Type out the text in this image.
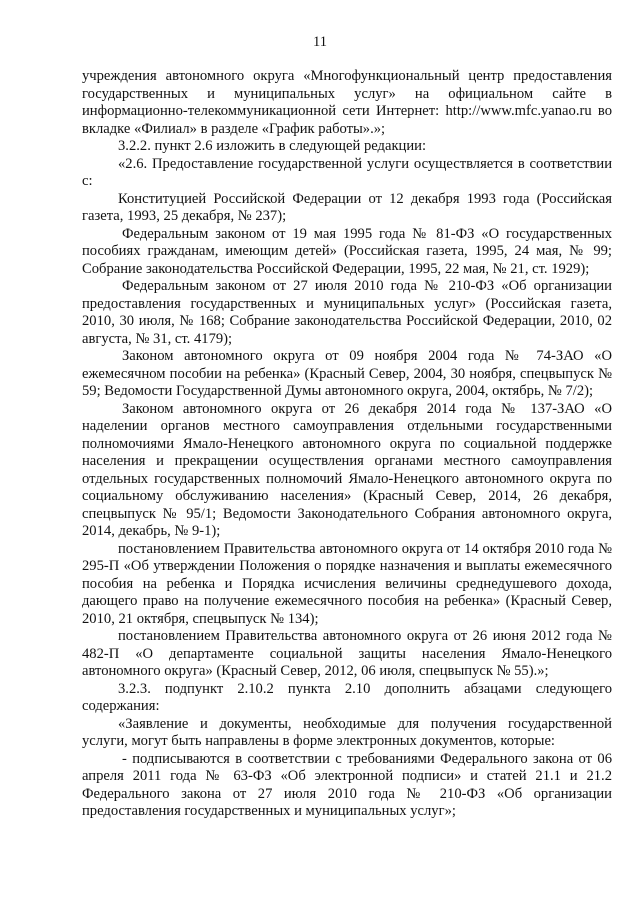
11

учреждения автономного округа «Многофункциональный центр предоставления государственных и муниципальных услуг» на официальном сайте в информационно-телекоммуникационной сети Интернет: http://www.mfc.yanao.ru во вкладке «Филиал» в разделе «График работы».»;

3.2.2. пункт 2.6 изложить в следующей редакции:

«2.6. Предоставление государственной услуги осуществляется в соответствии с:

Конституцией Российской Федерации от 12 декабря 1993 года (Российская газета, 1993, 25 декабря, № 237);

Федеральным законом от 19 мая 1995 года № 81-ФЗ «О государственных пособиях гражданам, имеющим детей» (Российская газета, 1995, 24 мая, № 99; Собрание законодательства Российской Федерации, 1995, 22 мая, № 21, ст. 1929);

Федеральным законом от 27 июля 2010 года № 210-ФЗ «Об организации предоставления государственных и муниципальных услуг» (Российская газета, 2010, 30 июля, № 168; Собрание законодательства Российской Федерации, 2010, 02 августа, № 31, ст. 4179);

Законом автономного округа от 09 ноября 2004 года № 74-ЗАО «О ежемесячном пособии на ребенка» (Красный Север, 2004, 30 ноября, спецвыпуск № 59; Ведомости Государственной Думы автономного округа, 2004, октябрь, № 7/2);

Законом автономного округа от 26 декабря 2014 года № 137-ЗАО «О наделении органов местного самоуправления отдельными государственными полномочиями Ямало-Ненецкого автономного округа по социальной поддержке населения и прекращении осуществления органами местного самоуправления отдельных государственных полномочий Ямало-Ненецкого автономного округа по социальному обслуживанию населения» (Красный Север, 2014, 26 декабря, спецвыпуск № 95/1; Ведомости Законодательного Собрания автономного округа, 2014, декабрь, № 9-1);

постановлением Правительства автономного округа от 14 октября 2010 года № 295-П «Об утверждении Положения о порядке назначения и выплаты ежемесячного пособия на ребенка и Порядка исчисления величины среднедушевого дохода, дающего право на получение ежемесячного пособия на ребенка» (Красный Север, 2010, 21 октября, спецвыпуск № 134);

постановлением Правительства автономного округа от 26 июня 2012 года № 482-П «О департаменте социальной защиты населения Ямало-Ненецкого автономного округа» (Красный Север, 2012, 06 июля, спецвыпуск № 55).»;

3.2.3. подпункт 2.10.2 пункта 2.10 дополнить абзацами следующего содержания:

«Заявление и документы, необходимые для получения государственной услуги, могут быть направлены в форме электронных документов, которые:

- подписываются в соответствии с требованиями Федерального закона от 06 апреля 2011 года № 63-ФЗ «Об электронной подписи» и статей 21.1 и 21.2 Федерального закона от 27 июля 2010 года № 210-ФЗ «Об организации предоставления государственных и муниципальных услуг»;
